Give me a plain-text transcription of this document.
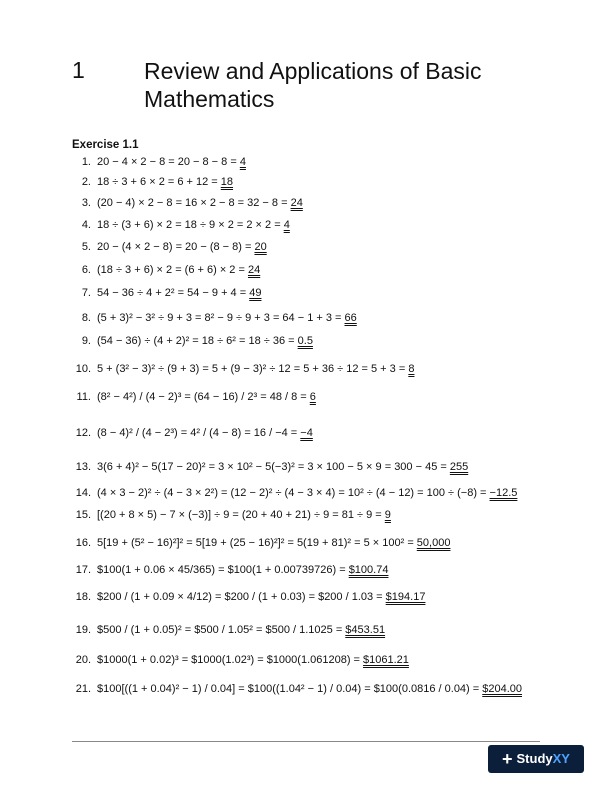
1	Review and Applications of Basic Mathematics
Exercise 1.1
1. 20 − 4 × 2 − 8 = 20 − 8 − 8 = 4
2. 18 ÷ 3 + 6 × 2 = 6 + 12 = 18
3. (20 − 4) × 2 − 8 = 16 × 2 − 8 = 32 − 8 = 24
4. 18 ÷ (3 + 6) × 2 = 18 ÷ 9 × 2 = 2 × 2 = 4
5. 20 − (4 × 2 − 8) = 20 − (8 − 8) = 20
6. (18 ÷ 3 + 6) × 2 = (6 + 6) × 2 = 24
7. 54 − 36 ÷ 4 + 2² = 54 − 9 + 4 = 49
8. (5 + 3)² − 3² ÷ 9 + 3 = 8² − 9 ÷ 9 + 3 = 64 − 1 + 3 = 66
9. (54 − 36) ÷ (4 + 2)² = 18 ÷ 6² = 18 ÷ 36 = 0.5
10. 5 + (3² − 3)² ÷ (9 + 3) = 5 + (9 − 3)² ÷ 12 = 5 + 36 ÷ 12 = 5 + 3 = 8
11. (8² − 4²) / (4 − 2)³ = (64 − 16) / 2³ = 48 / 8 = 6
12. (8 − 4)² / (4 − 2³) = 4² / (4 − 8) = 16 / −4 = −4
13. 3(6 + 4)² − 5(17 − 20)² = 3 × 10² − 5(−3)² = 3 × 100 − 5 × 9 = 300 − 45 = 255
14. (4 × 3 − 2)² ÷ (4 − 3 × 2²) = (12 − 2)² ÷ (4 − 3 × 4) = 10² ÷ (4 − 12) = 100 ÷ (−8) = −12.5
15. [(20 + 8 × 5) − 7 × (−3)] ÷ 9 = (20 + 40 + 21) ÷ 9 = 81 ÷ 9 = 9
16. 5[19 + (5² − 16)²]² = 5[19 + (25 − 16)²]² = 5(19 + 81)² = 5 × 100² = 50,000
17. $100(1 + 0.06 × 45/365) = $100(1 + 0.00739726) = $100.74
18. $200 / (1 + 0.09 × 4/12) = $200 / (1 + 0.03) = $200 / 1.03 = $194.17
19. $500 / (1 + 0.05)² = $500 / 1.05² = $500 / 1.1025 = $453.51
20. $1000(1 + 0.02)³ = $1000(1.02³) = $1000(1.061208) = $1061.21
21. $100[((1 + 0.04)² − 1) / 0.04] = $100((1.04² − 1) / 0.04) = $100(0.0816 / 0.04) = $204.00
+ StudyXY
